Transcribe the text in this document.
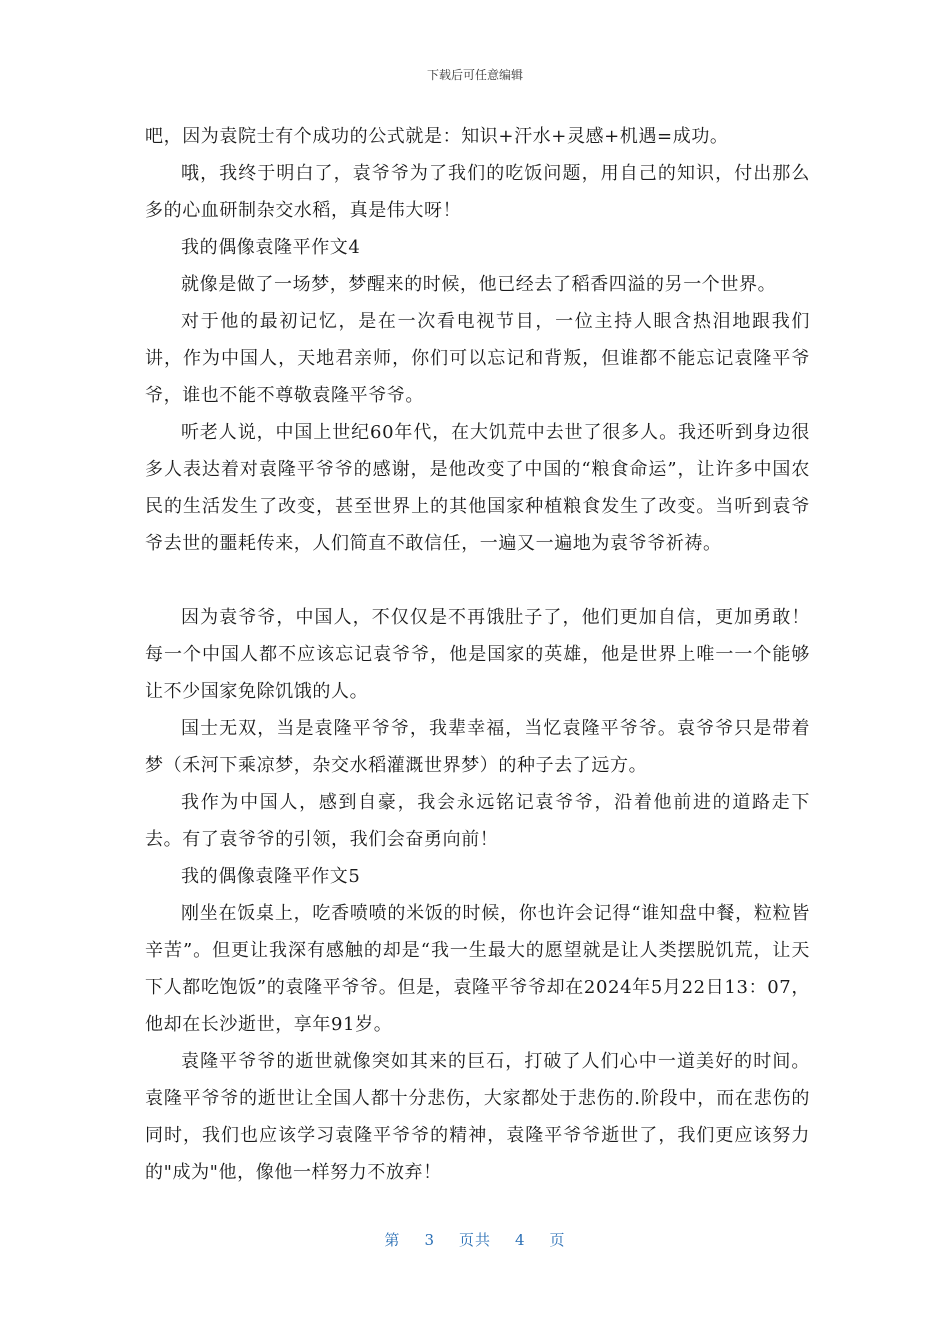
下载后可任意编辑

吧，因为袁院士有个成功的公式就是：知识+汗水+灵感+机遇=成功。

哦，我终于明白了，袁爷爷为了我们的吃饭问题，用自己的知识，付出那么多的心血研制杂交水稻，真是伟大呀！

我的偶像袁隆平作文4

就像是做了一场梦，梦醒来的时候，他已经去了稻香四溢的另一个世界。

对于他的最初记忆，是在一次看电视节目，一位主持人眼含热泪地跟我们讲，作为中国人，天地君亲师，你们可以忘记和背叛，但谁都不能忘记袁隆平爷爷，谁也不能不尊敬袁隆平爷爷。

听老人说，中国上世纪60年代，在大饥荒中去世了很多人。我还听到身边很多人表达着对袁隆平爷爷的感谢，是他改变了中国的“粮食命运”，让许多中国农民的生活发生了改变，甚至世界上的其他国家种植粮食发生了改变。当听到袁爷爷去世的噩耗传来，人们简直不敢信任，一遍又一遍地为袁爷爷祈祷。

因为袁爷爷，中国人，不仅仅是不再饿肚子了，他们更加自信，更加勇敢！每一个中国人都不应该忘记袁爷爷，他是国家的英雄，他是世界上唯一一个能够让不少国家免除饥饿的人。

国士无双，当是袁隆平爷爷，我辈幸福，当忆袁隆平爷爷。袁爷爷只是带着梦（禾河下乘凉梦，杂交水稻灌溉世界梦）的种子去了远方。

我作为中国人，感到自豪，我会永远铭记袁爷爷，沿着他前进的道路走下去。有了袁爷爷的引领，我们会奋勇向前！

我的偶像袁隆平作文5

刚坐在饭桌上，吃香喷喷的米饭的时候，你也许会记得“谁知盘中餐，粒粒皆辛苦”。但更让我深有感触的却是“我一生最大的愿望就是让人类摆脱饥荒，让天下人都吃饱饭”的袁隆平爷爷。但是，袁隆平爷爷却在2024年5月22日13：07，他却在长沙逝世，享年91岁。

袁隆平爷爷的逝世就像突如其来的巨石，打破了人们心中一道美好的时间。袁隆平爷爷的逝世让全国人都十分悲伤，大家都处于悲伤的.阶段中，而在悲伤的同时，我们也应该学习袁隆平爷爷的精神，袁隆平爷爷逝世了，我们更应该努力的"成为"他，像他一样努力不放弃！

第 3 页共 4 页
